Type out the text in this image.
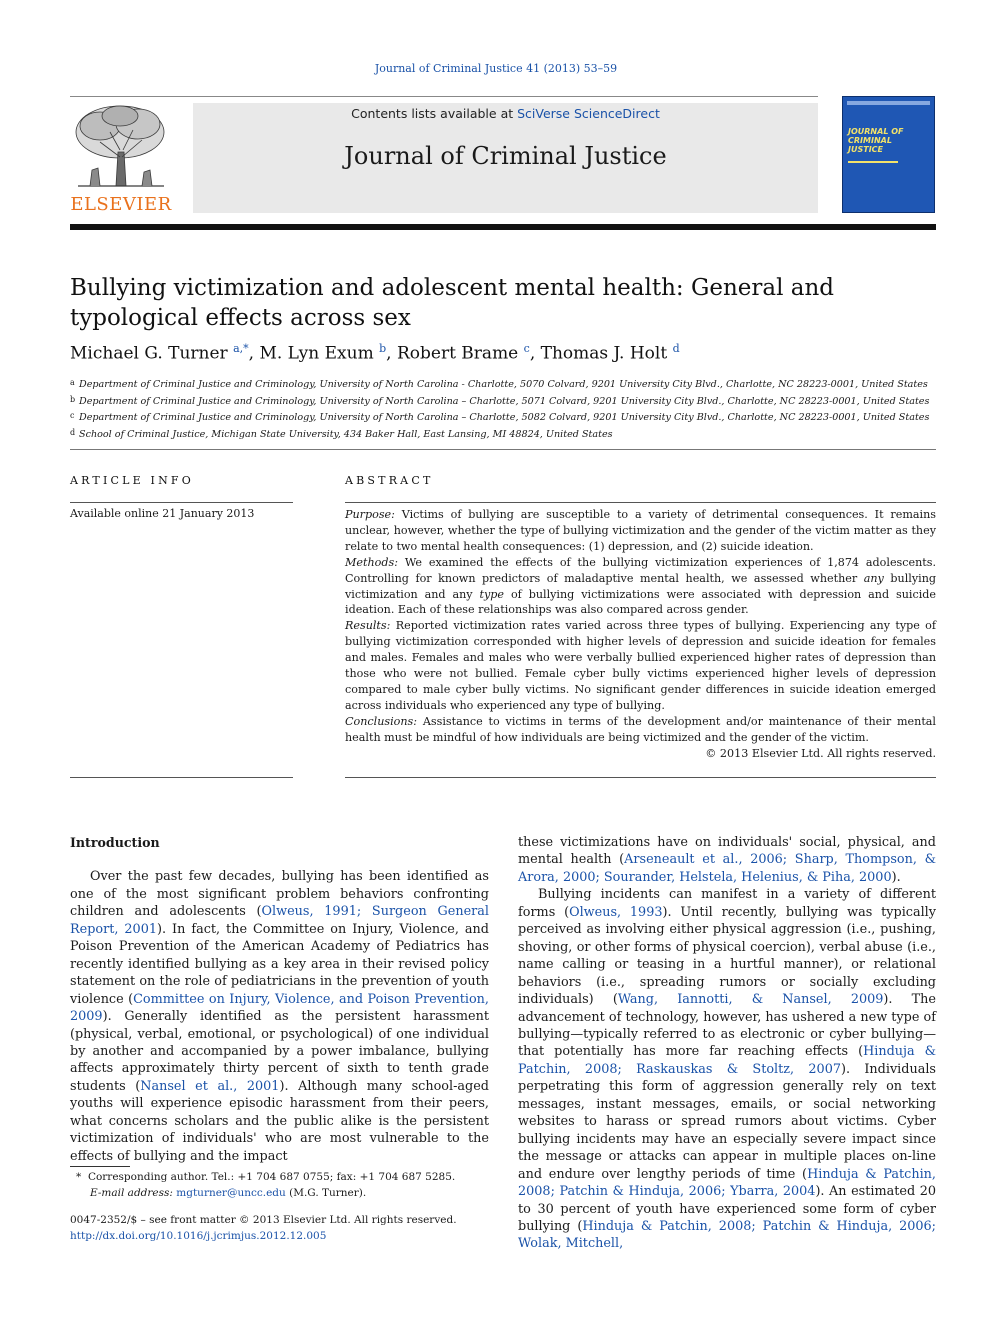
Journal of Criminal Justice 41 (2013) 53–59
ELSEVIER
Contents lists available at SciVerse ScienceDirect
Journal of Criminal Justice
JOURNAL OF CRIMINAL JUSTICE
Bullying victimization and adolescent mental health: General and typological effects across sex
Michael G. Turner $^{a,*}$, M. Lyn Exum $^b$, Robert Brame $^c$, Thomas J. Holt $^d$
a Department of Criminal Justice and Criminology, University of North Carolina - Charlotte, 5070 Colvard, 9201 University City Blvd., Charlotte, NC 28223-0001, United States
b Department of Criminal Justice and Criminology, University of North Carolina – Charlotte, 5071 Colvard, 9201 University City Blvd., Charlotte, NC 28223-0001, United States
c Department of Criminal Justice and Criminology, University of North Carolina – Charlotte, 5082 Colvard, 9201 University City Blvd., Charlotte, NC 28223-0001, United States
d School of Criminal Justice, Michigan State University, 434 Baker Hall, East Lansing, MI 48824, United States
ARTICLE INFO	ABSTRACT
Available online 21 January 2013	Purpose: Victims of bullying are susceptible to a variety of detrimental consequences. It remains unclear, however, whether the type of bullying victimization and the gender of the victim matter as they relate to two mental health consequences: (1) depression, and (2) suicide ideation.

Methods: We examined the effects of the bullying victimization experiences of 1,874 adolescents. Controlling for known predictors of maladaptive mental health, we assessed whether any bullying victimization and any type of bullying victimizations were associated with depression and suicide ideation. Each of these relationships was also compared across gender.

Results: Reported victimization rates varied across three types of bullying. Experiencing any type of bullying victimization corresponded with higher levels of depression and suicide ideation for females and males. Females and males who were verbally bullied experienced higher rates of depression than those who were not bullied. Female cyber bully victims experienced higher levels of depression compared to male cyber bully victims. No significant gender differences in suicide ideation emerged across individuals who experienced any type of bullying.

Conclusions: Assistance to victims in terms of the development and/or maintenance of their mental health must be mindful of how individuals are being victimized and the gender of the victim.

© 2013 Elsevier Ltd. All rights reserved.

Introduction

Over the past few decades, bullying has been identified as one of the most significant problem behaviors confronting children and adolescents (Olweus, 1991; Surgeon General Report, 2001). In fact, the Committee on Injury, Violence, and Poison Prevention of the American Academy of Pediatrics has recently identified bullying as a key area in their revised policy statement on the role of pediatricians in the prevention of youth violence (Committee on Injury, Violence, and Poison Prevention, 2009). Generally identified as the persistent harassment (physical, verbal, emotional, or psychological) of one individual by another and accompanied by a power imbalance, bullying affects approximately thirty percent of sixth to tenth grade students (Nansel et al., 2001). Although many school-aged youths will experience episodic harassment from their peers, what concerns scholars and the public alike is the persistent victimization of individuals' who are most vulnerable to the effects of bullying and the impact

these victimizations have on individuals' social, physical, and mental health (Arseneault et al., 2006; Sharp, Thompson, & Arora, 2000; Sourander, Helstela, Helenius, & Piha, 2000).

Bullying incidents can manifest in a variety of different forms (Olweus, 1993). Until recently, bullying was typically perceived as involving either physical aggression (i.e., pushing, shoving, or other forms of physical coercion), verbal abuse (i.e., name calling or teasing in a hurtful manner), or relational behaviors (i.e., spreading rumors or socially excluding individuals) (Wang, Iannotti, & Nansel, 2009). The advancement of technology, however, has ushered a new type of bullying—typically referred to as electronic or cyber bullying—that potentially has more far reaching effects (Hinduja & Patchin, 2008; Raskauskas & Stoltz, 2007). Individuals perpetrating this form of aggression generally rely on text messages, instant messages, emails, or social networking websites to harass or spread rumors about victims. Cyber bullying incidents may have an especially severe impact since the message or attacks can appear in multiple places on-line and endure over lengthy periods of time (Hinduja & Patchin, 2008; Patchin & Hinduja, 2006; Ybarra, 2004). An estimated 20 to 30 percent of youth have experienced some form of cyber bullying (Hinduja & Patchin, 2008; Patchin & Hinduja, 2006; Wolak, Mitchell,

* Corresponding author. Tel.: +1 704 687 0755; fax: +1 704 687 5285.
E-mail address: mgturner@uncc.edu (M.G. Turner).
0047-2352/$ – see front matter © 2013 Elsevier Ltd. All rights reserved.
http://dx.doi.org/10.1016/j.jcrimjus.2012.12.005
